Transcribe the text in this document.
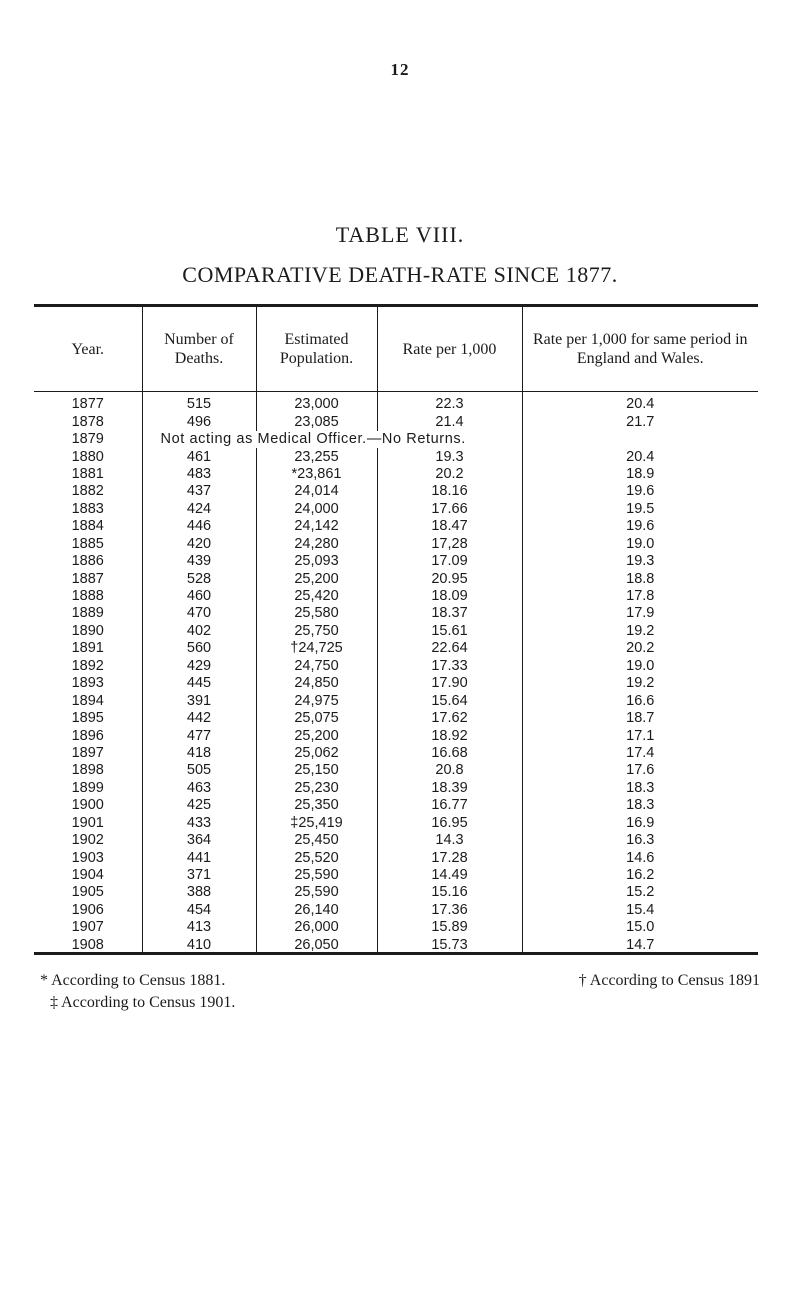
12
TABLE VIII.
COMPARATIVE DEATH-RATE SINCE 1877.
Year.	Number of Deaths.	Estimated Population.	Rate per 1,000	Rate per 1,000 for same period in England and Wales.
1877	515	23,000	22.3	20.4
1878	496	23,085	21.4	21.7
1879	Not acting as Medical Officer.—No Returns.			

1880	461	23,255	19.3	20.4
1881	483	*23,861	20.2	18.9
1882	437	24,014	18.16	19.6
1883	424	24,000	17.66	19.5
1884	446	24,142	18.47	19.6
1885	420	24,280	17,28	19.0
1886	439	25,093	17.09	19.3
1887	528	25,200	20.95	18.8
1888	460	25,420	18.09	17.8
1889	470	25,580	18.37	17.9
1890	402	25,750	15.61	19.2
1891	560	†24,725	22.64	20.2
1892	429	24,750	17.33	19.0
1893	445	24,850	17.90	19.2
1894	391	24,975	15.64	16.6
1895	442	25,075	17.62	18.7
1896	477	25,200	18.92	17.1
1897	418	25,062	16.68	17.4
1898	505	25,150	20.8	17.6
1899	463	25,230	18.39	18.3
1900	425	25,350	16.77	18.3
1901	433	‡25,419	16.95	16.9
1902	364	25,450	14.3	16.3
1903	441	25,520	17.28	14.6
1904	371	25,590	14.49	16.2
1905	388	25,590	15.16	15.2
1906	454	26,140	17.36	15.4
1907	413	26,000	15.89	15.0
1908	410	26,050	15.73	14.7
* According to Census 1881.	† According to Census 1891
‡ According to Census 1901.
